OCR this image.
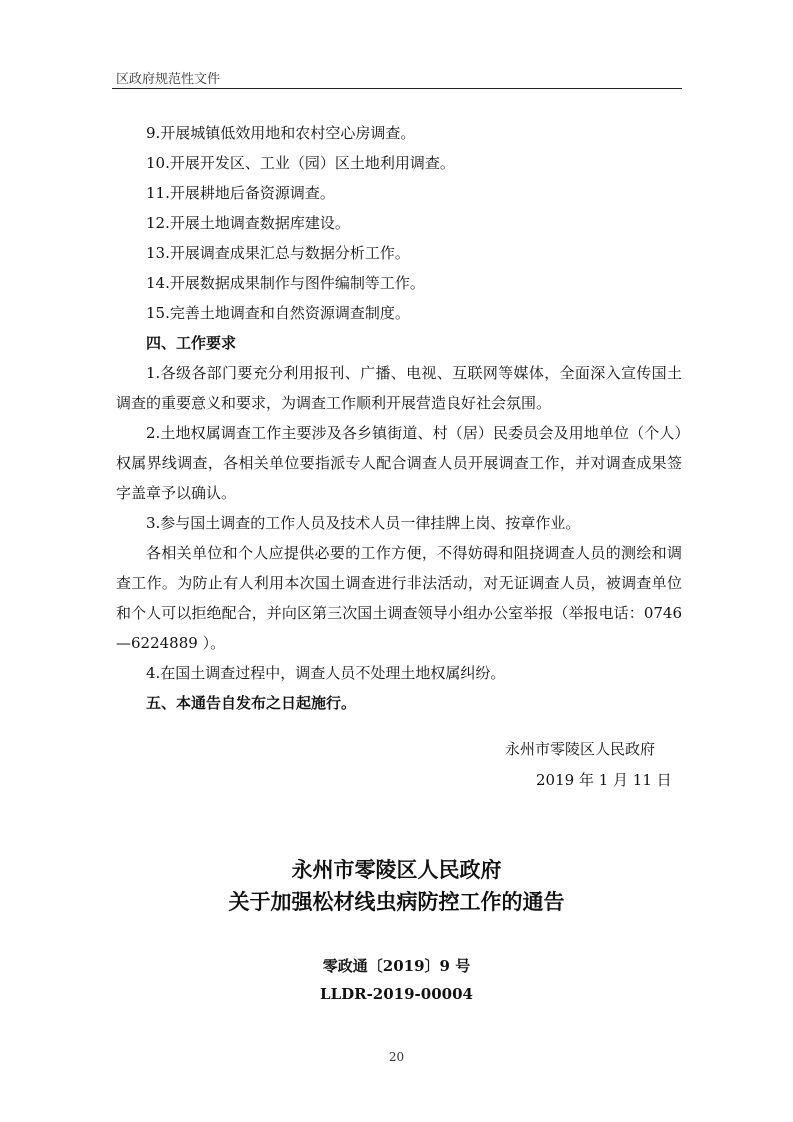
区政府规范性文件

9.开展城镇低效用地和农村空心房调查。

10.开展开发区、工业（园）区土地利用调查。

11.开展耕地后备资源调查。

12.开展土地调查数据库建设。

13.开展调查成果汇总与数据分析工作。

14.开展数据成果制作与图件编制等工作。

15.完善土地调查和自然资源调查制度。

四、工作要求

1.各级各部门要充分利用报刊、广播、电视、互联网等媒体，全面深入宣传国土调查的重要意义和要求，为调查工作顺利开展营造良好社会氛围。

2.土地权属调查工作主要涉及各乡镇街道、村（居）民委员会及用地单位（个人）权属界线调查，各相关单位要指派专人配合调查人员开展调查工作，并对调查成果签字盖章予以确认。

3.参与国土调查的工作人员及技术人员一律挂牌上岗、按章作业。

各相关单位和个人应提供必要的工作方便，不得妨碍和阻挠调查人员的测绘和调查工作。为防止有人利用本次国土调查进行非法活动，对无证调查人员，被调查单位和个人可以拒绝配合，并向区第三次国土调查领导小组办公室举报（举报电话：0746—6224889 ）。

4.在国土调查过程中，调查人员不处理土地权属纠纷。

五、本通告自发布之日起施行。

永州市零陵区人民政府
2019 年 1 月 11 日
永州市零陵区人民政府
关于加强松材线虫病防控工作的通告
零政通〔2019〕9 号
LLDR-2019-00004
20
